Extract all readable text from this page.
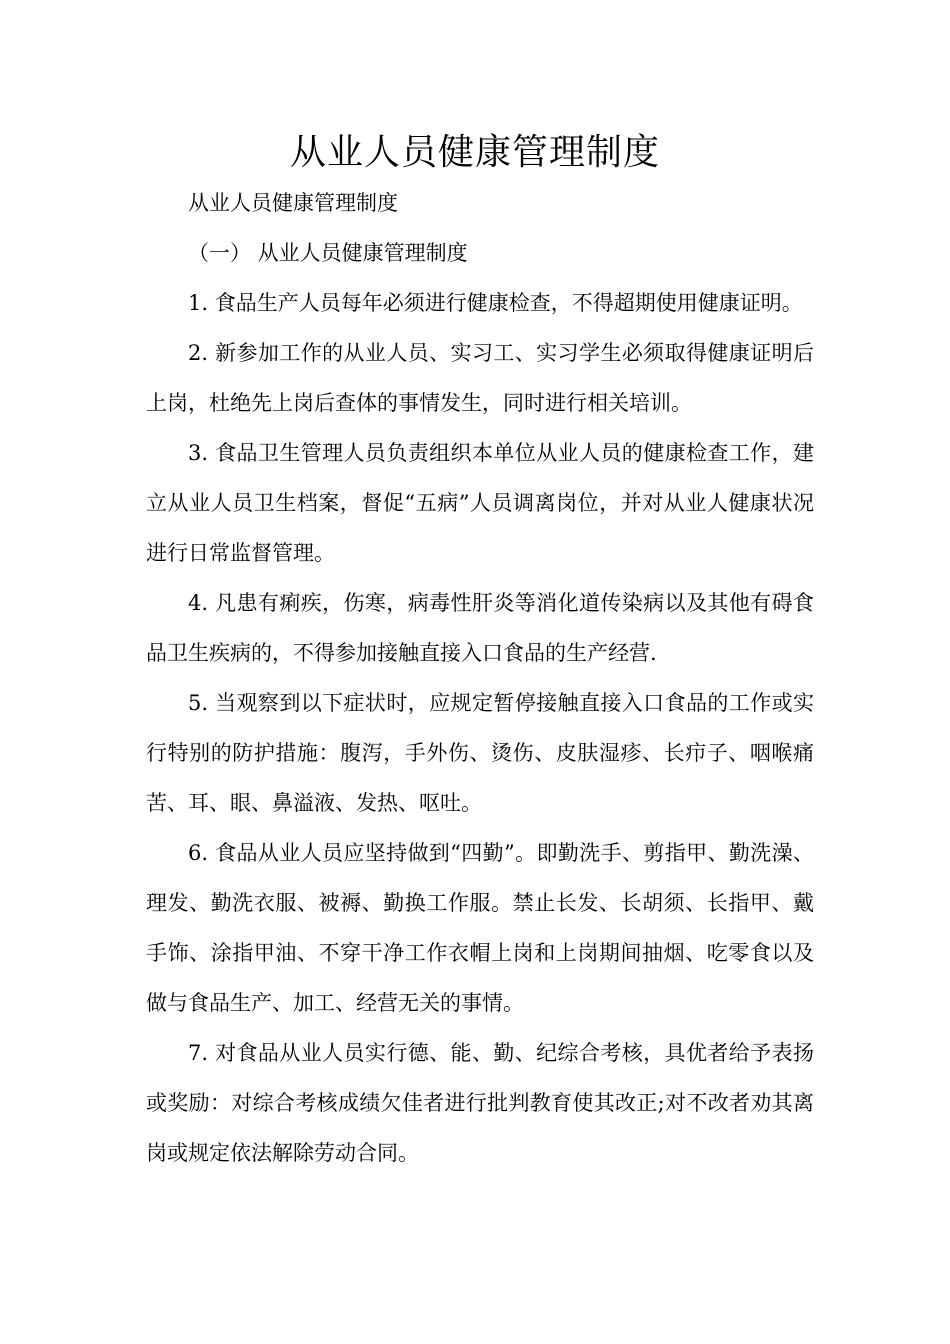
从业人员健康管理制度

从业人员健康管理制度

（一） 从业人员健康管理制度

1. 食品生产人员每年必须进行健康检查，不得超期使用健康证明。

2. 新参加工作的从业人员、实习工、实习学生必须取得健康证明后上岗，杜绝先上岗后查体的事情发生，同时进行相关培训。

3. 食品卫生管理人员负责组织本单位从业人员的健康检查工作，建立从业人员卫生档案，督促“五病”人员调离岗位，并对从业人健康状况进行日常监督管理。

4. 凡患有痢疾，伤寒，病毒性肝炎等消化道传染病以及其他有碍食品卫生疾病的，不得参加接触直接入口食品的生产经营.

5. 当观察到以下症状时，应规定暂停接触直接入口食品的工作或实行特别的防护措施：腹泻，手外伤、烫伤、皮肤湿疹、长疖子、咽喉痛苦、耳、眼、鼻溢液、发热、呕吐。

6. 食品从业人员应坚持做到“四勤”。即勤洗手、剪指甲、勤洗澡、理发、勤洗衣服、被褥、勤换工作服。禁止长发、长胡须、长指甲、戴手饰、涂指甲油、不穿干净工作衣帽上岗和上岗期间抽烟、吃零食以及做与食品生产、加工、经营无关的事情。

7. 对食品从业人员实行德、能、勤、纪综合考核，具优者给予表扬或奖励：对综合考核成绩欠佳者进行批判教育使其改正;对不改者劝其离岗或规定依法解除劳动合同。
